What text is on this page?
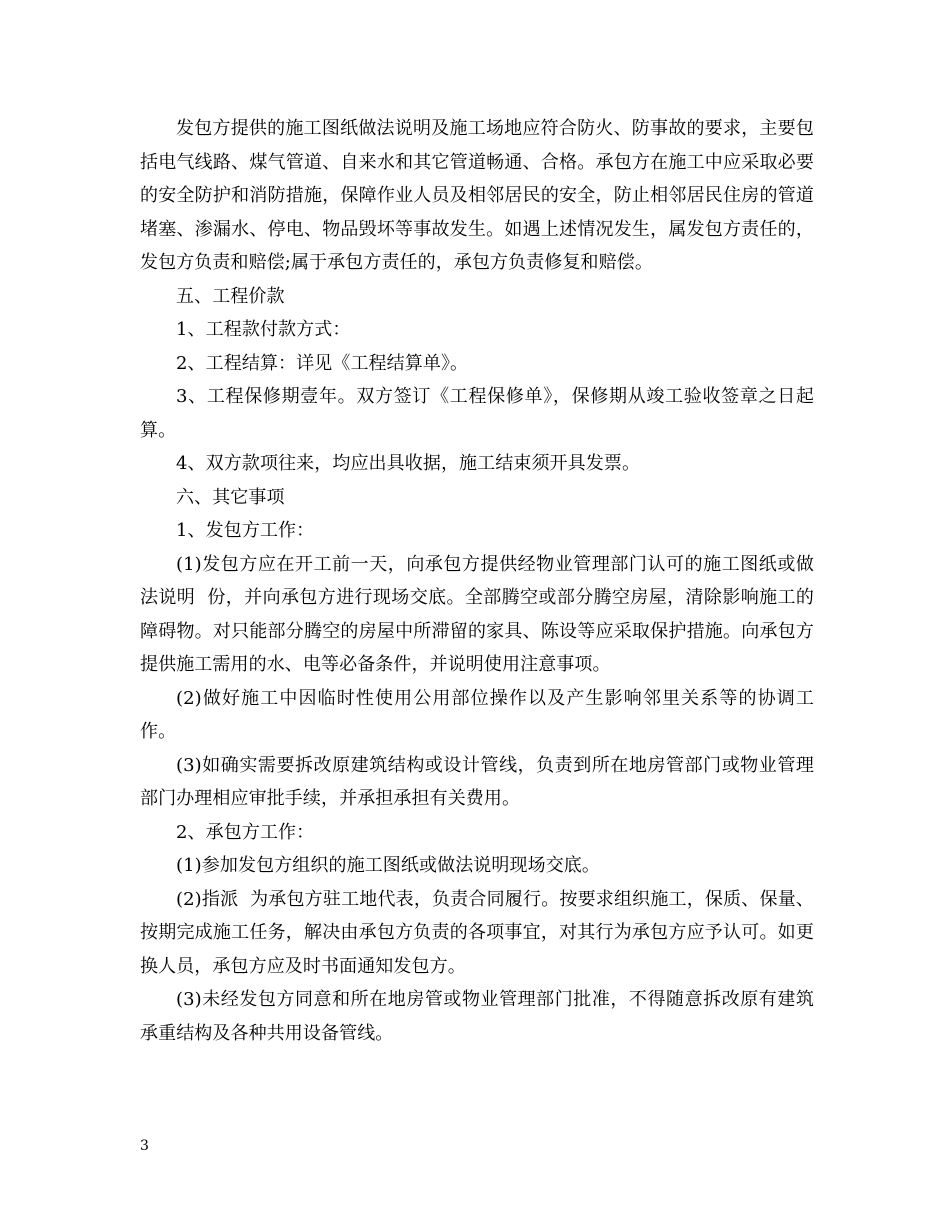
发包方提供的施工图纸做法说明及施工场地应符合防火、防事故的要求，主要包括电气线路、煤气管道、自来水和其它管道畅通、合格。承包方在施工中应采取必要的安全防护和消防措施，保障作业人员及相邻居民的安全，防止相邻居民住房的管道堵塞、渗漏水、停电、物品毁坏等事故发生。如遇上述情况发生，属发包方责任的，发包方负责和赔偿;属于承包方责任的，承包方负责修复和赔偿。

五、工程价款

1、工程款付款方式：

2、工程结算：详见《工程结算单》。

3、工程保修期壹年。双方签订《工程保修单》，保修期从竣工验收签章之日起算。

4、双方款项往来，均应出具收据，施工结束须开具发票。

六、其它事项

1、发包方工作：

(1)发包方应在开工前一天，向承包方提供经物业管理部门认可的施工图纸或做法说明  份，并向承包方进行现场交底。全部腾空或部分腾空房屋，清除影响施工的障碍物。对只能部分腾空的房屋中所滞留的家具、陈设等应采取保护措施。向承包方提供施工需用的水、电等必备条件，并说明使用注意事项。

(2)做好施工中因临时性使用公用部位操作以及产生影响邻里关系等的协调工作。

(3)如确实需要拆改原建筑结构或设计管线，负责到所在地房管部门或物业管理部门办理相应审批手续，并承担承担有关费用。

2、承包方工作：

(1)参加发包方组织的施工图纸或做法说明现场交底。

(2)指派  为承包方驻工地代表，负责合同履行。按要求组织施工，保质、保量、按期完成施工任务，解决由承包方负责的各项事宜，对其行为承包方应予认可。如更换人员，承包方应及时书面通知发包方。

(3)未经发包方同意和所在地房管或物业管理部门批准，不得随意拆改原有建筑承重结构及各种共用设备管线。

3
